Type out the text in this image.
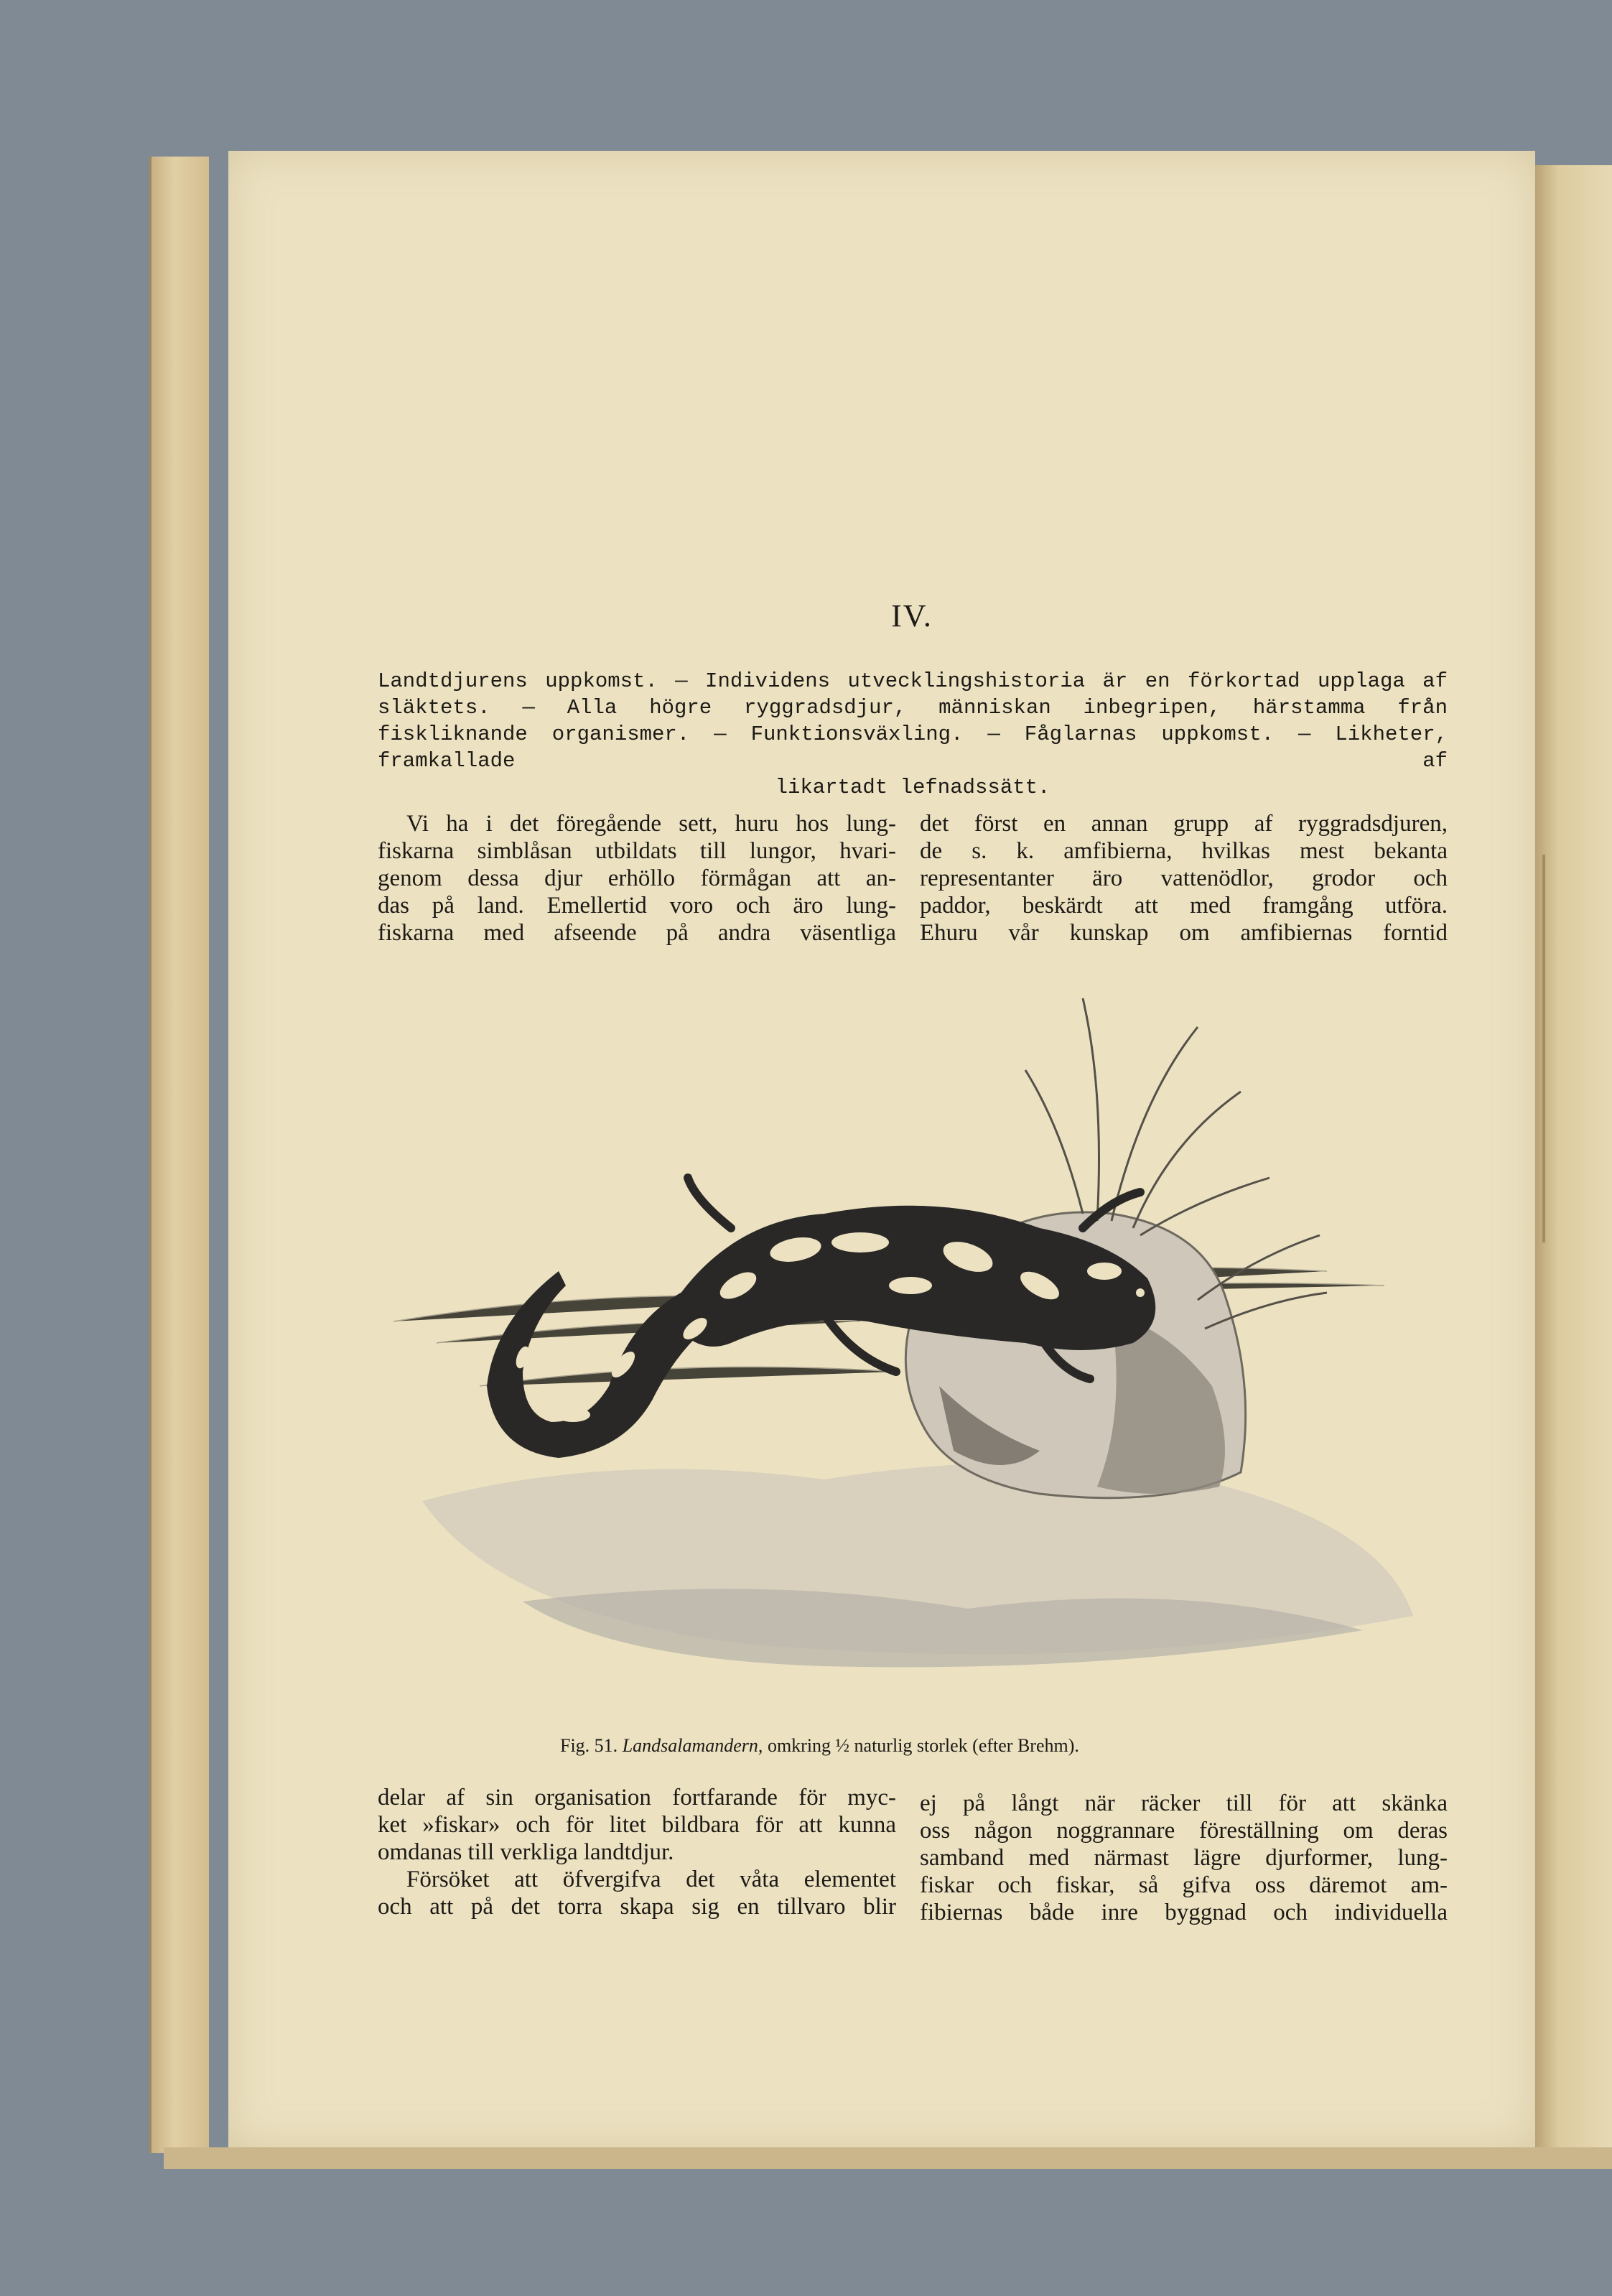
IV.
Landtdjurens uppkomst. — Individens utvecklingshistoria är en förkortad upplaga af släktets. — Alla högre ryggradsdjur, människan inbegripen, härstamma från fiskliknande organismer. — Funktionsväxling. — Fåglarnas uppkomst. — Likheter, framkallade af
likartadt lefnadssätt.

Vi ha i det föregående sett, huru hos lung-
fiskarna simblåsan utbildats till lungor, hvari-
genom dessa djur erhöllo förmågan att an-
das på land. Emellertid voro och äro lung-
fiskarna med afseende på andra väsentliga

det först en annan grupp af ryggradsdjuren,
de s. k. amfibierna, hvilkas mest bekanta
representanter äro vattenödlor, grodor och
paddor, beskärdt att med framgång utföra.
Ehuru vår kunskap om amfibiernas forntid

Fig. 51. Landsalamandern, omkring ½ naturlig storlek (efter Brehm).

delar af sin organisation fortfarande för myc-
ket »fiskar» och för litet bildbara för att kunna
omdanas till verkliga landtdjur.
Försöket att öfvergifva det våta elementet
och att på det torra skapa sig en tillvaro blir

ej på långt när räcker till för att skänka
oss någon noggrannare föreställning om deras
samband med närmast lägre djurformer, lung-
fiskar och fiskar, så gifva oss däremot am-
fibiernas både inre byggnad och individuella
